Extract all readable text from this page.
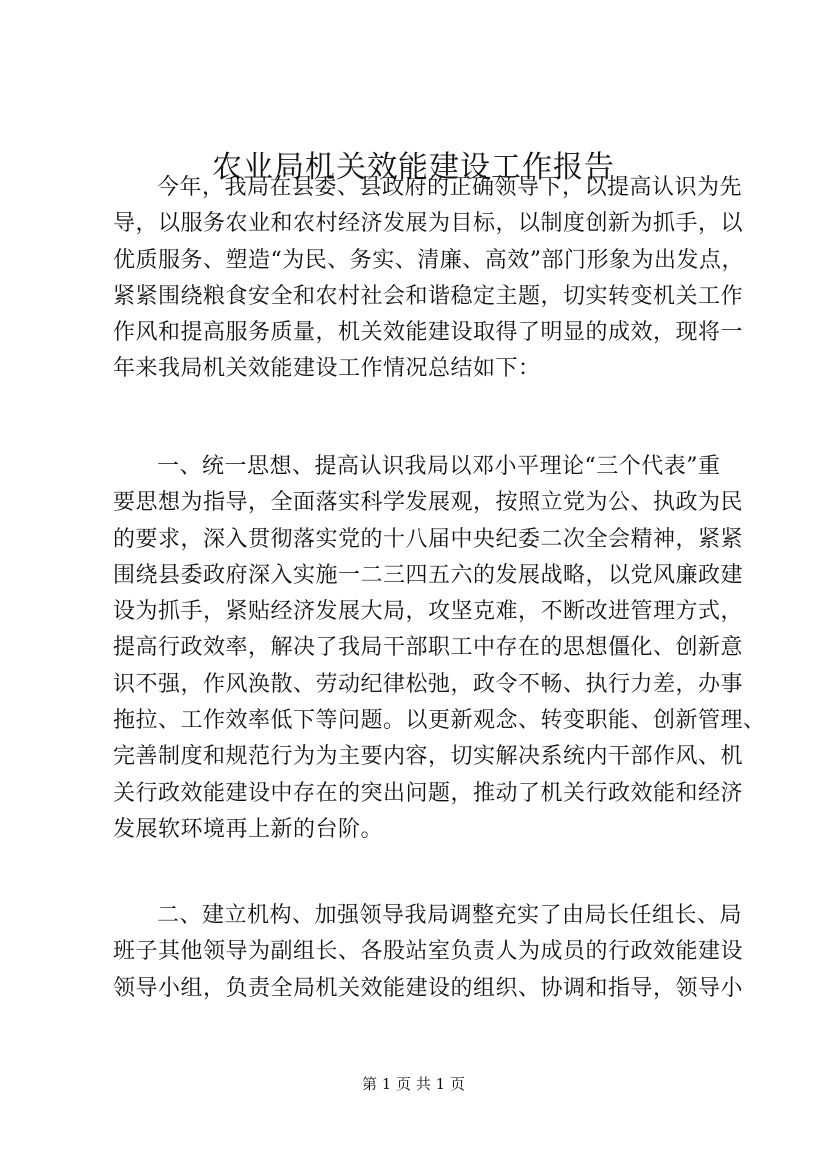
农业局机关效能建设工作报告
今年，我局在县委、县政府的正确领导下，以提高认识为先
导，以服务农业和农村经济发展为目标，以制度创新为抓手，以
优质服务、塑造“为民、务实、清廉、高效”部门形象为出发点，
紧紧围绕粮食安全和农村社会和谐稳定主题，切实转变机关工作
作风和提高服务质量，机关效能建设取得了明显的成效，现将一
年来我局机关效能建设工作情况总结如下：
一、统一思想、提高认识我局以邓小平理论“三个代表”重
要思想为指导，全面落实科学发展观，按照立党为公、执政为民
的要求，深入贯彻落实党的十八届中央纪委二次全会精神，紧紧
围绕县委政府深入实施一二三四五六的发展战略，以党风廉政建
设为抓手，紧贴经济发展大局，攻坚克难，不断改进管理方式，
提高行政效率，解决了我局干部职工中存在的思想僵化、创新意
识不强，作风涣散、劳动纪律松弛，政令不畅、执行力差，办事
拖拉、工作效率低下等问题。以更新观念、转变职能、创新管理、
完善制度和规范行为为主要内容，切实解决系统内干部作风、机
关行政效能建设中存在的突出问题，推动了机关行政效能和经济
发展软环境再上新的台阶。
二、建立机构、加强领导我局调整充实了由局长任组长、局
班子其他领导为副组长、各股站室负责人为成员的行政效能建设
领导小组，负责全局机关效能建设的组织、协调和指导，领导小
第 1 页 共 1 页
